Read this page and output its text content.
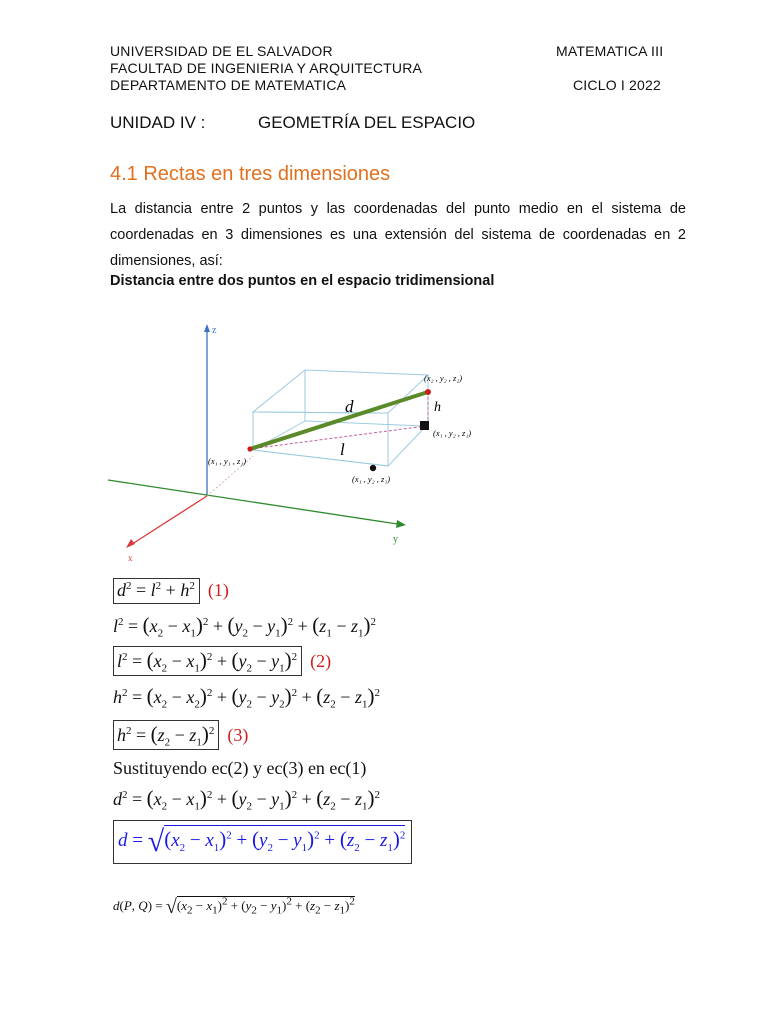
UNIVERSIDAD DE EL SALVADOR
FACULTAD DE INGENIERIA Y ARQUITECTURA
DEPARTAMENTO DE MATEMATICA
MATEMATICA III
CICLO I 2022
UNIDAD IV :	GEOMETRÍA DEL ESPACIO
4.1 Rectas en tres dimensiones
La distancia entre 2 puntos y las coordenadas del punto medio en el sistema de coordenadas en 3 dimensiones es una extensión del sistema de coordenadas en 2 dimensiones, así:
Distancia entre dos puntos en el espacio tridimensional
z
y
x
d	h
l
(x₂ , y₂ , z₂)
(x₁ , y₂ , z₁)
(x₁ , y₁ , z₁)
(x₁ , y₂ , z₁)
$d^2 = l^2 + h^2$ (1)
$l^2 = (x_2 - x_1)^2 + (y_2 - y_1)^2 + (z_1 - z_1)^2$
$l^2 = (x_2 - x_1)^2 + (y_2 - y_1)^2$ (2)
$h^2 = (x_2 - x_2)^2 + (y_2 - y_2)^2 + (z_2 - z_1)^2$
$h^2 = (z_2 - z_1)^2$ (3)
Sustituyendo ec(2) y ec(3) en ec(1)
$d^2 = (x_2 - x_1)^2 + (y_2 - y_1)^2 + (z_2 - z_1)^2$
$d = √(x_2 - x_1)^2 + (y_2 - y_1)^2 + (z_2 - z_1)^2$
d(P, $Q) = √(x_2 - x_1)^2 + (y_2 - y_1)^2 + (z_2 - z_1)^2$
